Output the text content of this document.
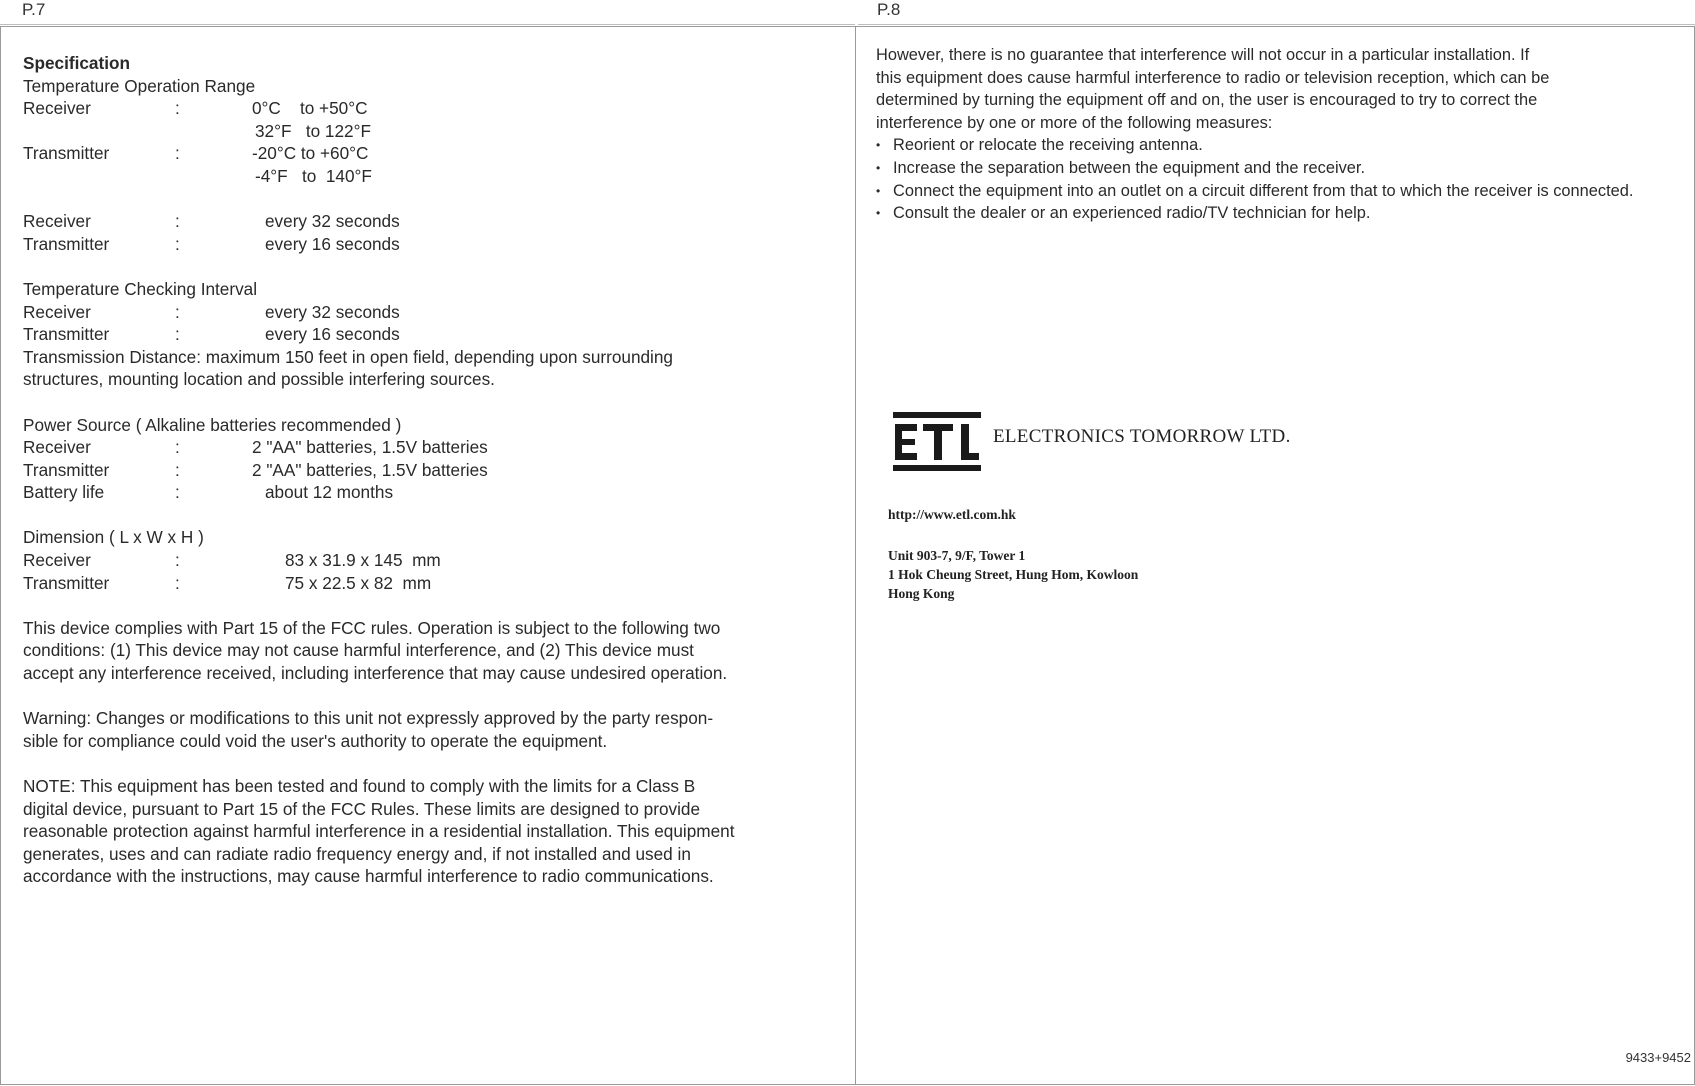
P.7	P.8
Specification
Temperature Operation Range
Receiver	:	0°C    to +50°C
32°F   to 122°F
Transmitter	:	-20°C to +60°C
-4°F   to  140°F
Receiver	:	every 32 seconds
Transmitter	:	every 16 seconds
Temperature Checking Interval
Receiver	:	every 32 seconds
Transmitter	:	every 16 seconds
Transmission Distance: maximum 150 feet in open field, depending upon surrounding
structures, mounting location and possible interfering sources.
Power Source ( Alkaline batteries recommended )
Receiver	:	2 "AA" batteries, 1.5V batteries
Transmitter	:	2 "AA" batteries, 1.5V batteries
Battery life	:	about 12 months
Dimension ( L x W x H )
Receiver	:	83 x 31.9 x 145  mm
Transmitter	:	75 x 22.5 x 82  mm
This device complies with Part 15 of the FCC rules. Operation is subject to the following two
conditions: (1) This device may not cause harmful interference, and (2) This device must
accept any interference received, including interference that may cause undesired operation.
Warning: Changes or modifications to this unit not expressly approved by the party respon-
sible for compliance could void the user's authority to operate the equipment.
NOTE: This equipment has been tested and found to comply with the limits for a Class B
digital device, pursuant to Part 15 of the FCC Rules. These limits are designed to provide
reasonable protection against harmful interference in a residential installation. This equipment
generates, uses and can radiate radio frequency energy and, if not installed and used in
accordance with the instructions, may cause harmful interference to radio communications.
However, there is no guarantee that interference will not occur in a particular installation. If
this equipment does cause harmful interference to radio or television reception, which can be
determined by turning the equipment off and on, the user is encouraged to try to correct the
interference by one or more of the following measures:
• Reorient or relocate the receiving antenna.
• Increase the separation between the equipment and the receiver.
• Connect the equipment into an outlet on a circuit different from that to which the receiver is connected.
• Consult the dealer or an experienced radio/TV technician for help.
ELECTRONICS TOMORROW LTD.
http://www.etl.com.hk
Unit 903-7, 9/F, Tower 1
1 Hok Cheung Street, Hung Hom, Kowloon
Hong Kong
9433+9452
